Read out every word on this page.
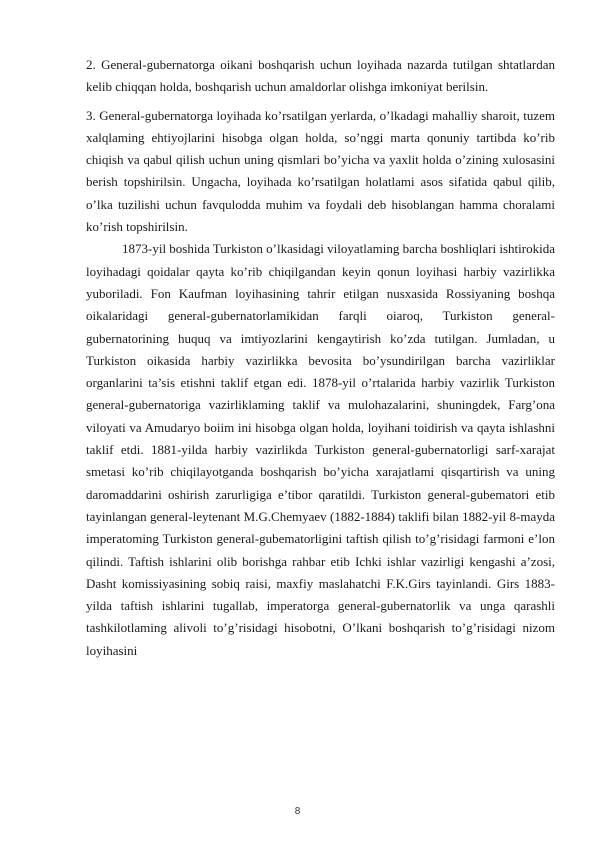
2. General-gubernatorga oikani boshqarish uchun loyihada nazarda tutilgan shtatlardan kelib chiqqan holda, boshqarish uchun amaldorlar olishga imkoniyat berilsin.

3. General-gubernatorga loyihada ko’rsatilgan yerlarda, o’lkadagi mahalliy sharoit, tuzem xalqlaming ehtiyojlarini hisobga olgan holda, so’nggi marta qonuniy tartibda ko’rib chiqish va qabul qilish uchun uning qismlari bo’yicha va yaxlit holda o’zining xulosasini berish topshirilsin. Ungacha, loyihada ko’rsatilgan holatlami asos sifatida qabul qilib, o’lka tuzilishi uchun favqulodda muhim va foydali deb hisoblangan hamma choralami ko’rish topshirilsin.

1873-yil boshida Turkiston o’lkasidagi viloyatlaming barcha boshliqlari ishtirokida loyihadagi qoidalar qayta ko’rib chiqilgandan keyin qonun loyihasi harbiy vazirlikka yuboriladi. Fon Kaufman loyihasining tahrir etilgan nusxasida Rossiyaning boshqa oikalaridagi general-gubernatorlamikidan farqli oiaroq, Turkiston general-gubernatorining huquq va imtiyozlarini kengaytirish ko’zda tutilgan. Jumladan, u Turkiston oikasida harbiy vazirlikka bevosita bo’ysundirilgan barcha vazirliklar organlarini ta’sis etishni taklif etgan edi. 1878-yil o’rtalarida harbiy vazirlik Turkiston general-gubernatoriga vazirliklaming taklif va mulohazalarini, shuningdek, Farg’ona viloyati va Amudaryo boiim ini hisobga olgan holda, loyihani toidirish va qayta ishlashni taklif etdi. 1881-yilda harbiy vazirlikda Turkiston general-gubernatorligi sarf-xarajat smetasi ko’rib chiqilayotganda boshqarish bo’yicha xarajatlami qisqartirish va uning daromaddarini oshirish zarurligiga e’tibor qaratildi. Turkiston general-gubematori etib tayinlangan general-leytenant M.G.Chemyaev (1882-1884) taklifi bilan 1882-yil 8-mayda imperatoming Turkiston general-gubematorligini taftish qilish to’g’risidagi farmoni e’lon qilindi. Taftish ishlarini olib borishga rahbar etib Ichki ishlar vazirligi kengashi a’zosi, Dasht komissiyasining sobiq raisi, maxfiy maslahatchi F.K.Girs tayinlandi. Girs 1883-yilda taftish ishlarini tugallab, imperatorga general-gubernatorlik va unga qarashli tashkilotlaming alivoli to’g’risidagi hisobotni, O’lkani boshqarish to’g’risidagi nizom loyihasini

8
